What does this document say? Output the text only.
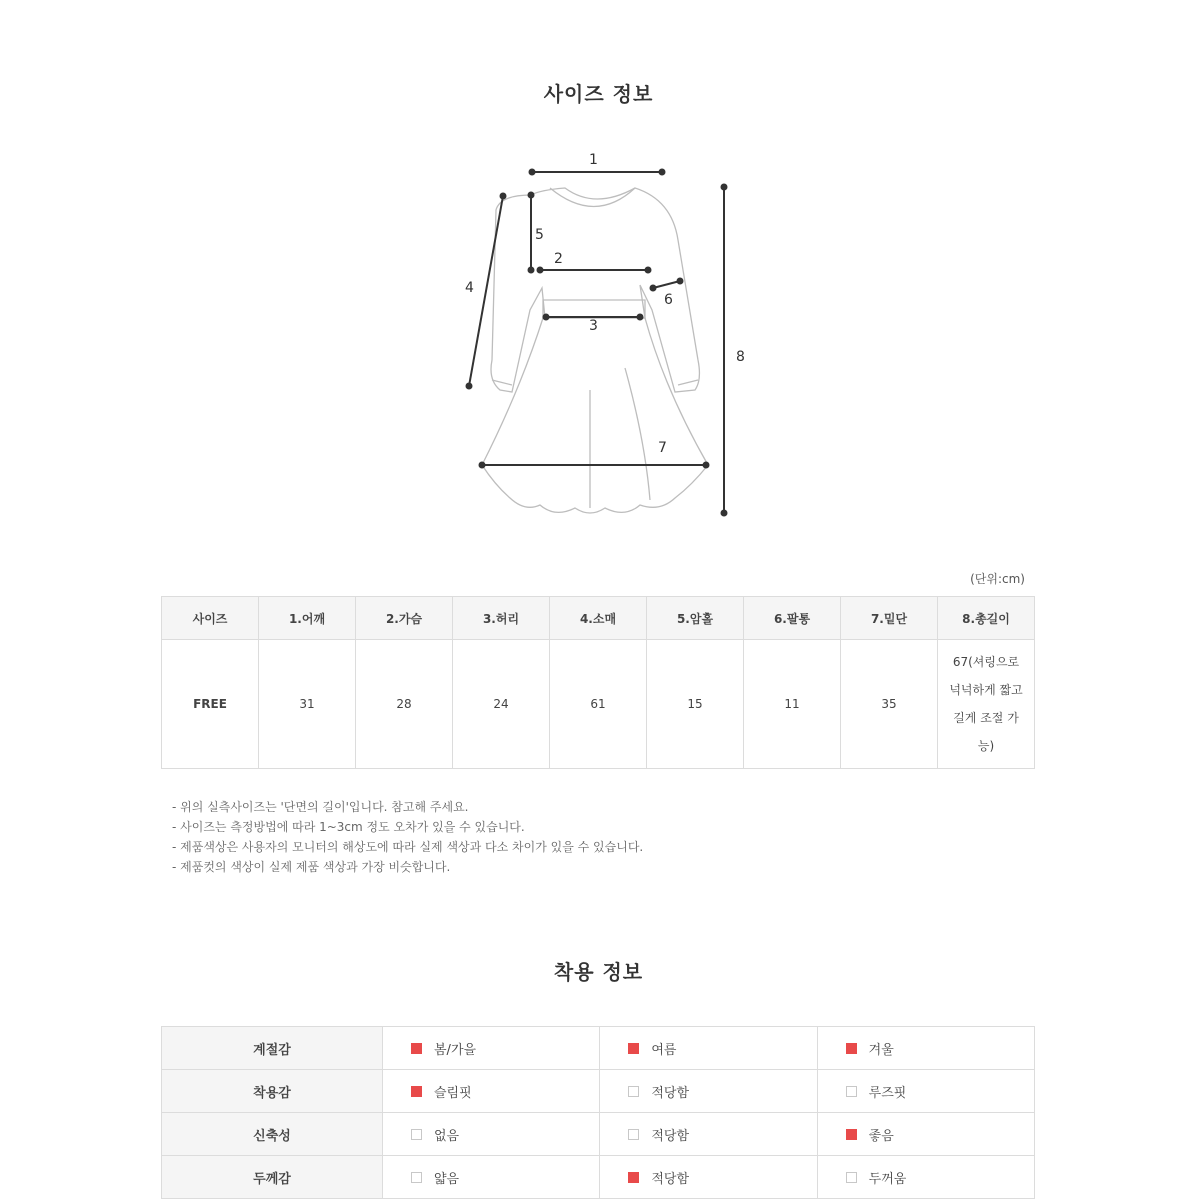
사이즈 정보
1
2
3
4
5
6
7
8
(단위:cm)
사이즈	1.어깨	2.가슴	3.허리	4.소매	5.암홀	6.팔통	7.밑단	8.총길이
FREE	31	28	24	61	15	11	35	67(셔링으로
넉넉하게 짧고
길게 조절 가
능)
- 위의 실측사이즈는 '단면의 길이'입니다. 참고해 주세요.
- 사이즈는 측정방법에 따라 1~3cm 정도 오차가 있을 수 있습니다.
- 제품색상은 사용자의 모니터의 해상도에 따라 실제 색상과 다소 차이가 있을 수 있습니다.
- 제품컷의 색상이 실제 제품 색상과 가장 비슷합니다.
착용 정보
계절감	봄/가을	여름	겨울
착용감	슬림핏	적당함	루즈핏
신축성	없음	적당함	좋음
두께감	얇음	적당함	두꺼움
